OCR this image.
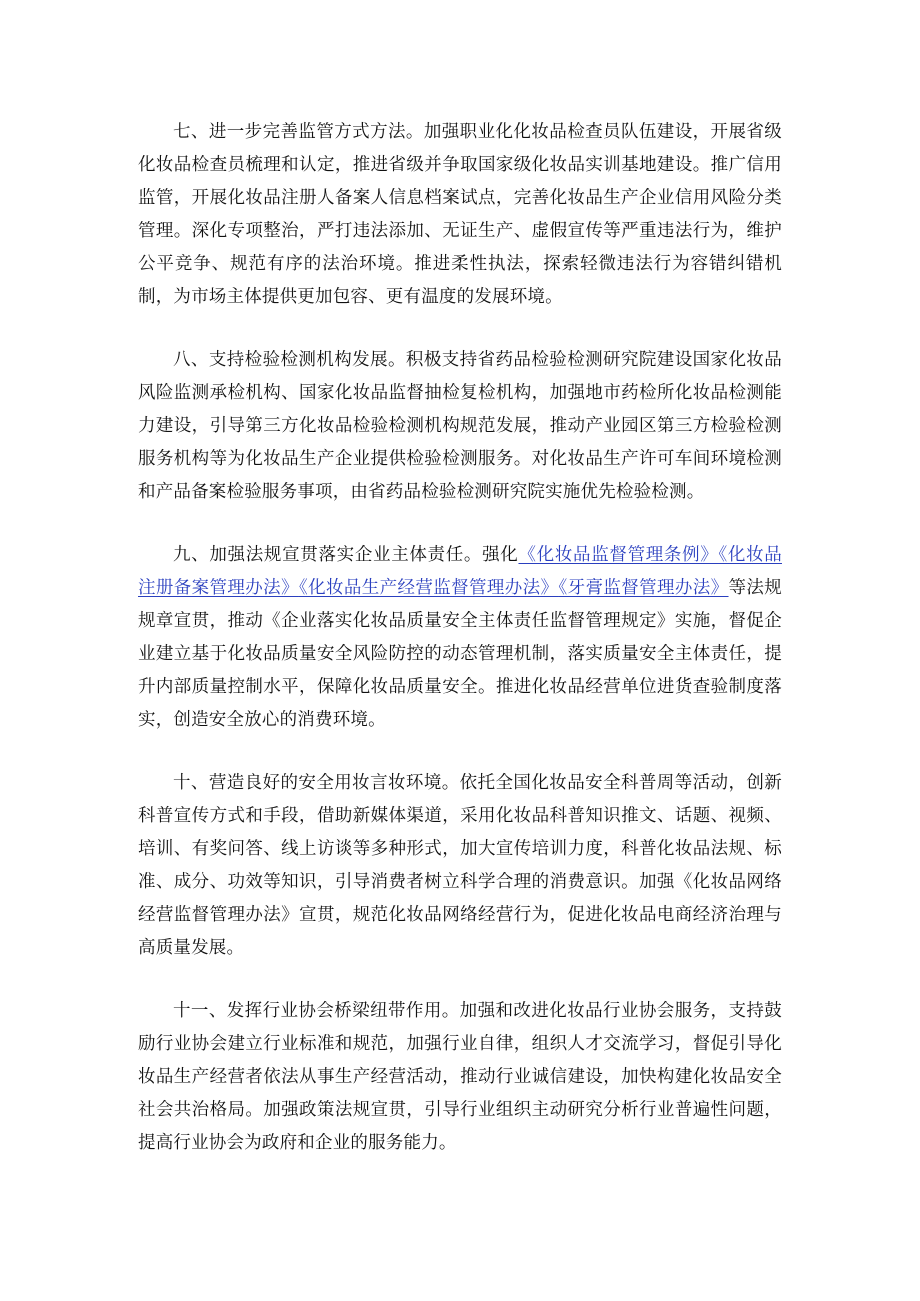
七、进一步完善监管方式方法。加强职业化化妆品检查员队伍建设，开展省级化妆品检查员梳理和认定，推进省级并争取国家级化妆品实训基地建设。推广信用监管，开展化妆品注册人备案人信息档案试点，完善化妆品生产企业信用风险分类管理。深化专项整治，严打违法添加、无证生产、虚假宣传等严重违法行为，维护公平竞争、规范有序的法治环境。推进柔性执法，探索轻微违法行为容错纠错机制，为市场主体提供更加包容、更有温度的发展环境。

八、支持检验检测机构发展。积极支持省药品检验检测研究院建设国家化妆品风险监测承检机构、国家化妆品监督抽检复检机构，加强地市药检所化妆品检测能力建设，引导第三方化妆品检验检测机构规范发展，推动产业园区第三方检验检测服务机构等为化妆品生产企业提供检验检测服务。对化妆品生产许可车间环境检测和产品备案检验服务事项，由省药品检验检测研究院实施优先检验检测。

九、加强法规宣贯落实企业主体责任。强化《化妆品监督管理条例》《化妆品注册备案管理办法》《化妆品生产经营监督管理办法》《牙膏监督管理办法》等法规规章宣贯，推动《企业落实化妆品质量安全主体责任监督管理规定》实施，督促企业建立基于化妆品质量安全风险防控的动态管理机制，落实质量安全主体责任，提升内部质量控制水平，保障化妆品质量安全。推进化妆品经营单位进货查验制度落实，创造安全放心的消费环境。

十、营造良好的安全用妆言妆环境。依托全国化妆品安全科普周等活动，创新科普宣传方式和手段，借助新媒体渠道，采用化妆品科普知识推文、话题、视频、培训、有奖问答、线上访谈等多种形式，加大宣传培训力度，科普化妆品法规、标准、成分、功效等知识，引导消费者树立科学合理的消费意识。加强《化妆品网络经营监督管理办法》宣贯，规范化妆品网络经营行为，促进化妆品电商经济治理与高质量发展。

十一、发挥行业协会桥梁纽带作用。加强和改进化妆品行业协会服务，支持鼓励行业协会建立行业标准和规范，加强行业自律，组织人才交流学习，督促引导化妆品生产经营者依法从事生产经营活动，推动行业诚信建设，加快构建化妆品安全社会共治格局。加强政策法规宣贯，引导行业组织主动研究分析行业普遍性问题，提高行业协会为政府和企业的服务能力。
